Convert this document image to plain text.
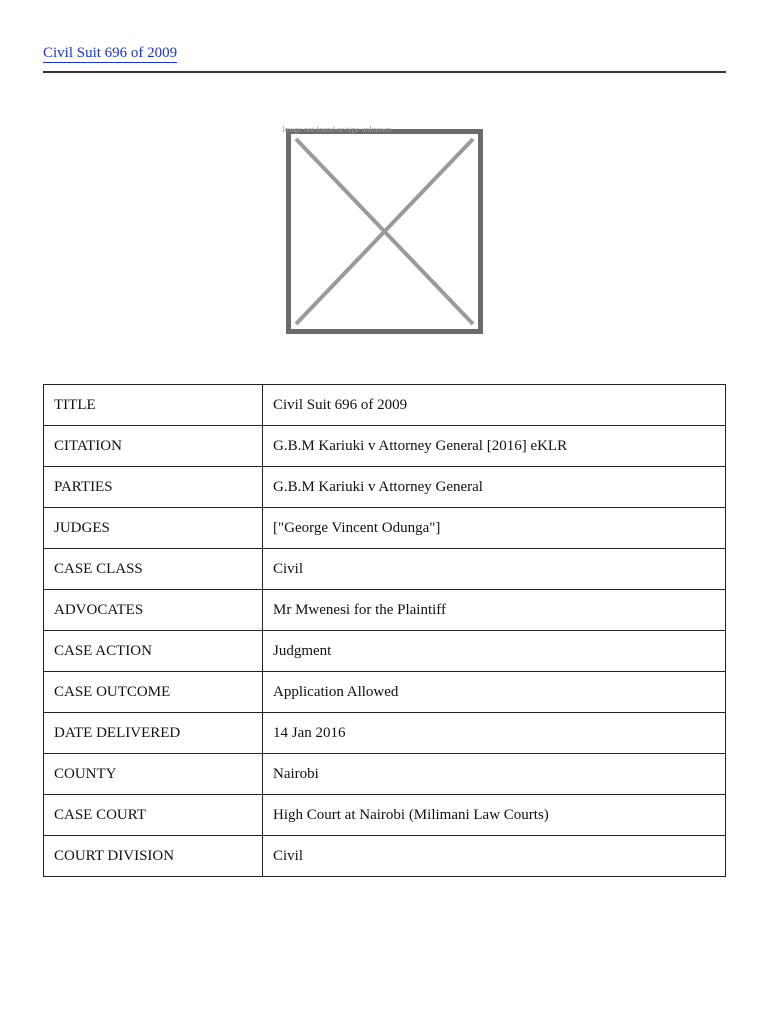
Civil Suit 696 of 2009
Image not found or type unknown
TITLE	Civil Suit 696 of 2009
CITATION	G.B.M Kariuki v Attorney General [2016] eKLR
PARTIES	G.B.M Kariuki v Attorney General
JUDGES	["George Vincent Odunga"]
CASE CLASS	Civil
ADVOCATES	Mr Mwenesi for the Plaintiff
CASE ACTION	Judgment
CASE OUTCOME	Application Allowed
DATE DELIVERED	14 Jan 2016
COUNTY	Nairobi
CASE COURT	High Court at Nairobi (Milimani Law Courts)
COURT DIVISION	Civil
